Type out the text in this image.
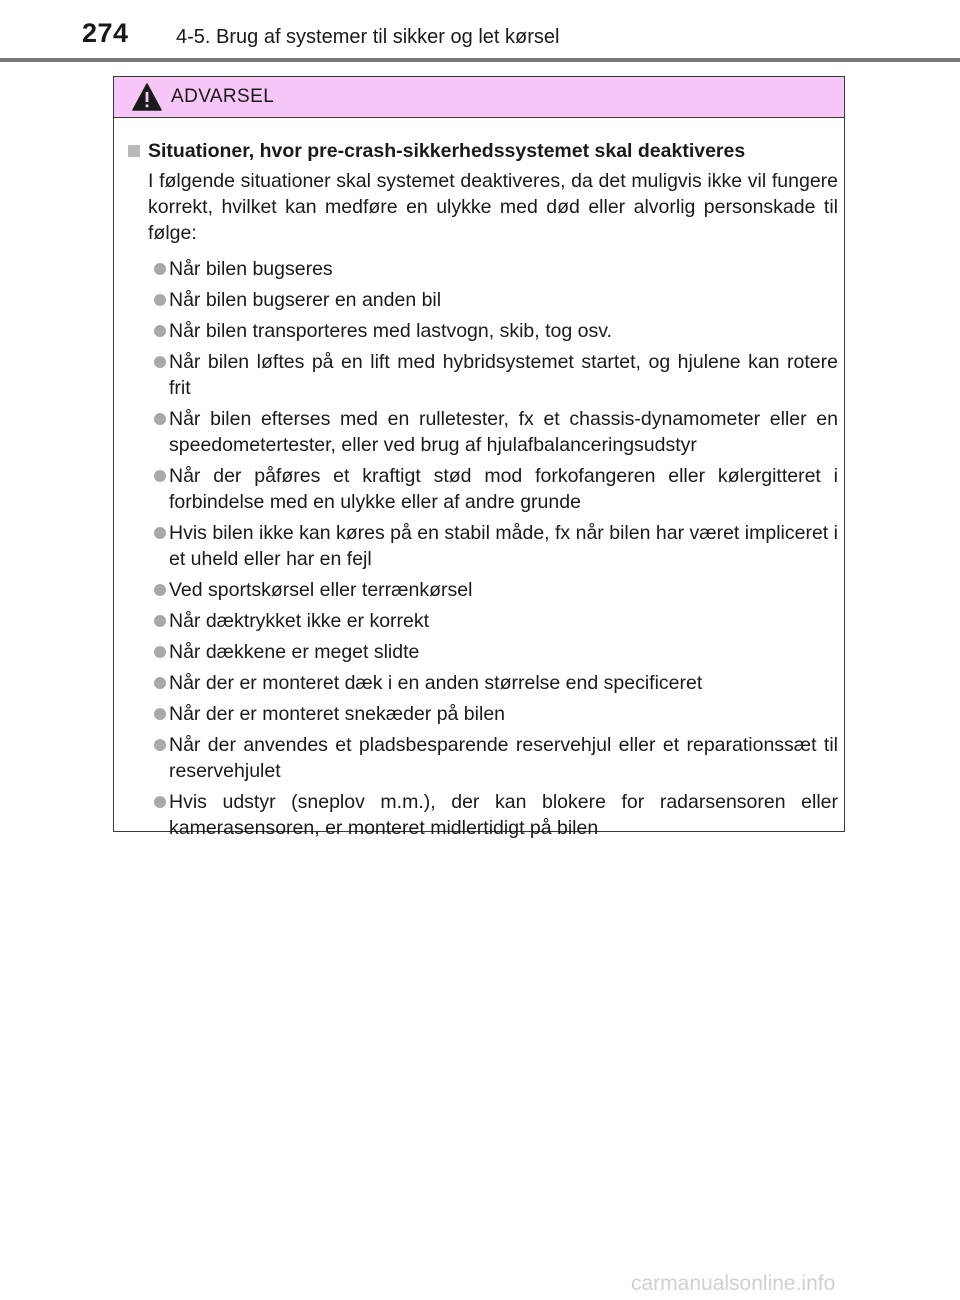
274 4-5. Brug af systemer til sikker og let kørsel
ADVARSEL
Situationer, hvor pre-crash-sikkerhedssystemet skal deaktiveres
I følgende situationer skal systemet deaktiveres, da det muligvis ikke vil fungere korrekt, hvilket kan medføre en ulykke med død eller alvorlig personskade til følge:
Når bilen bugseres
Når bilen bugserer en anden bil
Når bilen transporteres med lastvogn, skib, tog osv.
Når bilen løftes på en lift med hybridsystemet startet, og hjulene kan rotere frit
Når bilen efterses med en rulletester, fx et chassis-dynamometer eller en speedometertester, eller ved brug af hjulafbalanceringsudstyr
Når der påføres et kraftigt stød mod forkofangeren eller kølergitteret i forbindelse med en ulykke eller af andre grunde
Hvis bilen ikke kan køres på en stabil måde, fx når bilen har været impliceret i et uheld eller har en fejl
Ved sportskørsel eller terrænkørsel
Når dæktrykket ikke er korrekt
Når dækkene er meget slidte
Når der er monteret dæk i en anden størrelse end specificeret
Når der er monteret snekæder på bilen
Når der anvendes et pladsbesparende reservehjul eller et reparationssæt til reservehjulet
Hvis udstyr (sneplov m.m.), der kan blokere for radarsensoren eller kamerasensoren, er monteret midlertidigt på bilen
carmanualsonline.info
